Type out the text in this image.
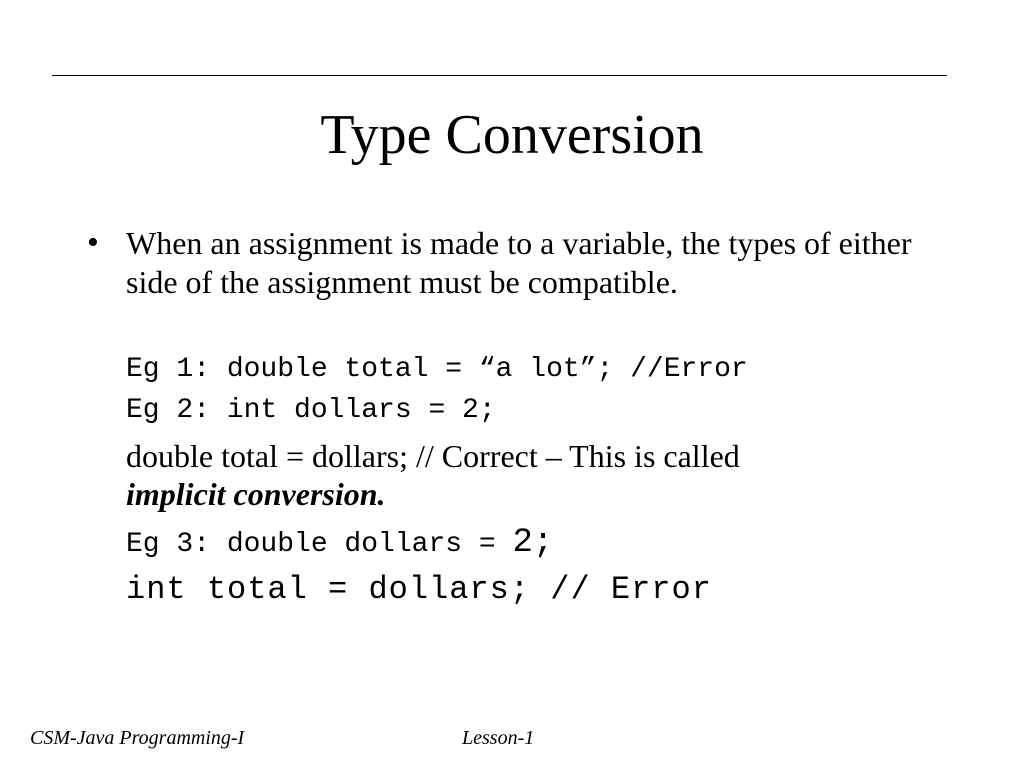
Type Conversion
• When an assignment is made to a variable, the types of either side of the assignment must be compatible.
Eg 1: double total = “a lot”; //Error
Eg 2: int dollars = 2;
double total = dollars; // Correct – This is called
implicit conversion.
Eg 3: double dollars = 2;
int total = dollars; // Error
CSM-Java Programming-I	Lesson-1
